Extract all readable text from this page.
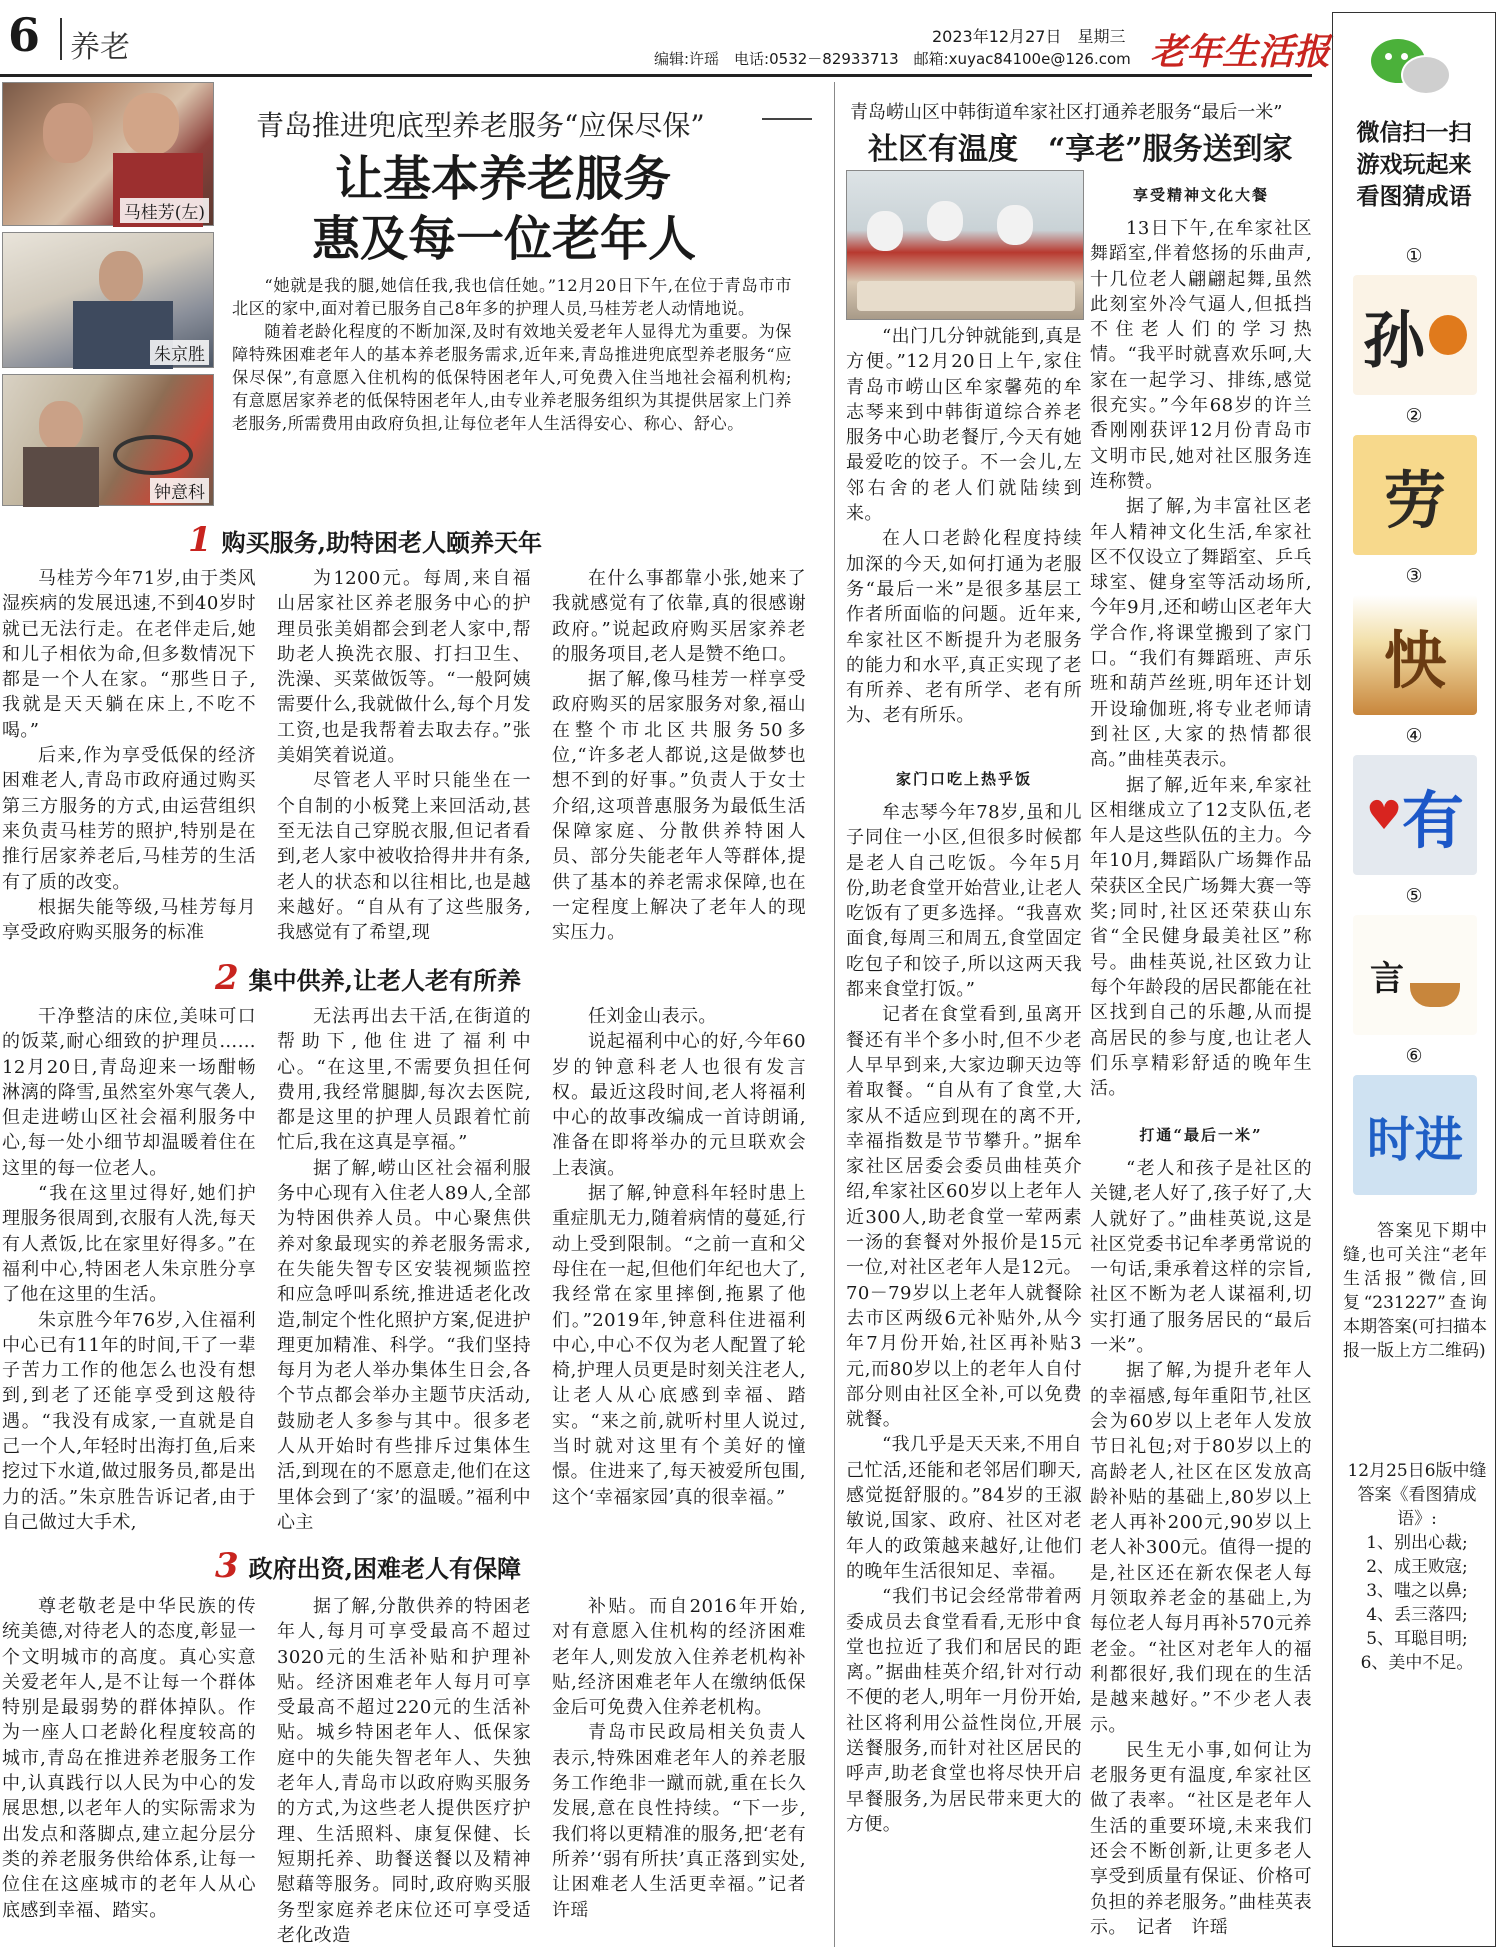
6 养老	2023年12月27日　星期三
编辑:许瑶　电话:0532－82933713　邮箱:xuyac84100e@126.com 老年生活报
马桂芳(左)
朱京胜
钟意科
青岛推进兜底型养老服务“应保尽保”
让基本养老服务
惠及每一位老年人

“她就是我的腿,她信任我,我也信任她。”12月20日下午,在位于青岛市市北区的家中,面对着已服务自己8年多的护理人员,马桂芳老人动情地说。

随着老龄化程度的不断加深,及时有效地关爱老年人显得尤为重要。为保障特殊困难老年人的基本养老服务需求,近年来,青岛推进兜底型养老服务“应保尽保”,有意愿入住机构的低保特困老年人,可免费入住当地社会福利机构;有意愿居家养老的低保特困老年人,由专业养老服务组织为其提供居家上门养老服务,所需费用由政府负担,让每位老年人生活得安心、称心、舒心。

1 购买服务,助特困老人颐养天年

马桂芳今年71岁,由于类风湿疾病的发展迅速,不到40岁时就已无法行走。在老伴走后,她和儿子相依为命,但多数情况下都是一个人在家。“那些日子,我就是天天躺在床上,不吃不喝。”

后来,作为享受低保的经济困难老人,青岛市政府通过购买第三方服务的方式,由运营组织来负责马桂芳的照护,特别是在推行居家养老后,马桂芳的生活有了质的改变。

根据失能等级,马桂芳每月享受政府购买服务的标准

为1200元。每周,来自福山居家社区养老服务中心的护理员张美娟都会到老人家中,帮助老人换洗衣服、打扫卫生、洗澡、买菜做饭等。“一般阿姨需要什么,我就做什么,每个月发工资,也是我帮着去取去存。”张美娟笑着说道。

尽管老人平时只能坐在一个自制的小板凳上来回活动,甚至无法自己穿脱衣服,但记者看到,老人家中被收拾得井井有条,老人的状态和以往相比,也是越来越好。“自从有了这些服务,我感觉有了希望,现

在什么事都靠小张,她来了我就感觉有了依靠,真的很感谢政府。”说起政府购买居家养老的服务项目,老人是赞不绝口。

据了解,像马桂芳一样享受政府购买的居家服务对象,福山在整个市北区共服务50多位,“许多老人都说,这是做梦也想不到的好事。”负责人于女士介绍,这项普惠服务为最低生活保障家庭、分散供养特困人员、部分失能老年人等群体,提供了基本的养老需求保障,也在一定程度上解决了老年人的现实压力。

2 集中供养,让老人老有所养

干净整洁的床位,美味可口的饭菜,耐心细致的护理员……12月20日,青岛迎来一场酣畅淋漓的降雪,虽然室外寒气袭人,但走进崂山区社会福利服务中心,每一处小细节却温暖着住在这里的每一位老人。

“我在这里过得好,她们护理服务很周到,衣服有人洗,每天有人煮饭,比在家里好得多。”在福利中心,特困老人朱京胜分享了他在这里的生活。

朱京胜今年76岁,入住福利中心已有11年的时间,干了一辈子苦力工作的他怎么也没有想到,到老了还能享受到这般待遇。“我没有成家,一直就是自己一个人,年轻时出海打鱼,后来挖过下水道,做过服务员,都是出力的活。”朱京胜告诉记者,由于自己做过大手术,

无法再出去干活,在街道的帮助下,他住进了福利中心。“在这里,不需要负担任何费用,我经常腿脚,每次去医院,都是这里的护理人员跟着忙前忙后,我在这真是享福。”

据了解,崂山区社会福利服务中心现有入住老人89人,全部为特困供养人员。中心聚焦供养对象最现实的养老服务需求,在失能失智专区安装视频监控和应急呼叫系统,推进适老化改造,制定个性化照护方案,促进护理更加精准、科学。“我们坚持每月为老人举办集体生日会,各个节点都会举办主题节庆活动,鼓励老人多参与其中。很多老人从开始时有些排斥过集体生活,到现在的不愿意走,他们在这里体会到了‘家’的温暖。”福利中心主

任刘金山表示。

说起福利中心的好,今年60岁的钟意科老人也很有发言权。最近这段时间,老人将福利中心的故事改编成一首诗朗诵,准备在即将举办的元旦联欢会上表演。

据了解,钟意科年轻时患上重症肌无力,随着病情的蔓延,行动上受到限制。“之前一直和父母住在一起,但他们年纪也大了,我经常在家里摔倒,拖累了他们。”2019年,钟意科住进福利中心,中心不仅为老人配置了轮椅,护理人员更是时刻关注老人,让老人从心底感到幸福、踏实。“来之前,就听村里人说过,当时就对这里有个美好的憧憬。住进来了,每天被爱所包围,这个‘幸福家园’真的很幸福。”

3 政府出资,困难老人有保障

尊老敬老是中华民族的传统美德,对待老人的态度,彰显一个文明城市的高度。真心实意关爱老年人,是不让每一个群体特别是最弱势的群体掉队。作为一座人口老龄化程度较高的城市,青岛在推进养老服务工作中,认真践行以人民为中心的发展思想,以老年人的实际需求为出发点和落脚点,建立起分层分类的养老服务供给体系,让每一位住在这座城市的老年人从心底感到幸福、踏实。

据了解,分散供养的特困老年人,每月可享受最高不超过3020元的生活补贴和护理补贴。经济困难老年人每月可享受最高不超过220元的生活补贴。城乡特困老年人、低保家庭中的失能失智老年人、失独老年人,青岛市以政府购买服务的方式,为这些老人提供医疗护理、生活照料、康复保健、长短期托养、助餐送餐以及精神慰藉等服务。同时,政府购买服务型家庭养老床位还可享受适老化改造

补贴。而自2016年开始,对有意愿入住机构的经济困难老年人,则发放入住养老机构补贴,经济困难老年人在缴纳低保金后可免费入住养老机构。

青岛市民政局相关负责人表示,特殊困难老年人的养老服务工作绝非一蹴而就,重在长久发展,意在良性持续。“下一步,我们将以更精准的服务,把‘老有所养’‘弱有所扶’真正落到实处,让困难老人生活更幸福。”记者　许瑶

青岛崂山区中韩街道牟家社区打通养老服务“最后一米”
社区有温度　“享老”服务送到家

“出门几分钟就能到,真是方便。”12月20日上午,家住青岛市崂山区牟家馨苑的牟志琴来到中韩街道综合养老服务中心助老餐厅,今天有她最爱吃的饺子。不一会儿,左邻右舍的老人们就陆续到来。

在人口老龄化程度持续加深的今天,如何打通为老服务“最后一米”是很多基层工作者所面临的问题。近年来,牟家社区不断提升为老服务的能力和水平,真正实现了老有所养、老有所学、老有所为、老有所乐。

家门口吃上热乎饭

牟志琴今年78岁,虽和儿子同住一小区,但很多时候都是老人自己吃饭。今年5月份,助老食堂开始营业,让老人吃饭有了更多选择。“我喜欢面食,每周三和周五,食堂固定吃包子和饺子,所以这两天我都来食堂打饭。”

记者在食堂看到,虽离开餐还有半个多小时,但不少老人早早到来,大家边聊天边等着取餐。“自从有了食堂,大家从不适应到现在的离不开,幸福指数是节节攀升。”据牟家社区居委会委员曲桂英介绍,牟家社区60岁以上老年人近300人,助老食堂一荤两素一汤的套餐对外报价是15元一位,对社区老年人是12元。70－79岁以上老年人就餐除去市区两级6元补贴外,从今年7月份开始,社区再补贴3元,而80岁以上的老年人自付部分则由社区全补,可以免费就餐。

“我几乎是天天来,不用自己忙活,还能和老邻居们聊天,感觉挺舒服的。”84岁的王淑敏说,国家、政府、社区对老年人的政策越来越好,让他们的晚年生活很知足、幸福。

“我们书记会经常带着两委成员去食堂看看,无形中食堂也拉近了我们和居民的距离。”据曲桂英介绍,针对行动不便的老人,明年一月份开始,社区将利用公益性岗位,开展送餐服务,而针对社区居民的呼声,助老食堂也将尽快开启早餐服务,为居民带来更大的方便。

享受精神文化大餐

13日下午,在牟家社区舞蹈室,伴着悠扬的乐曲声,十几位老人翩翩起舞,虽然此刻室外冷气逼人,但抵挡不住老人们的学习热情。“我平时就喜欢乐呵,大家在一起学习、排练,感觉很充实。”今年68岁的许兰香刚刚获评12月份青岛市文明市民,她对社区服务连连称赞。

据了解,为丰富社区老年人精神文化生活,牟家社区不仅设立了舞蹈室、乒乓球室、健身室等活动场所,今年9月,还和崂山区老年大学合作,将课堂搬到了家门口。“我们有舞蹈班、声乐班和葫芦丝班,明年还计划开设瑜伽班,将专业老师请到社区,大家的热情都很高。”曲桂英表示。

据了解,近年来,牟家社区相继成立了12支队伍,老年人是这些队伍的主力。今年10月,舞蹈队广场舞作品荣获区全民广场舞大赛一等奖;同时,社区还荣获山东省“全民健身最美社区”称号。曲桂英说,社区致力让每个年龄段的居民都能在社区找到自己的乐趣,从而提高居民的参与度,也让老人们乐享精彩舒适的晚年生活。

打通“最后一米”

“老人和孩子是社区的关键,老人好了,孩子好了,大人就好了。”曲桂英说,这是社区党委书记牟孝勇常说的一句话,秉承着这样的宗旨,社区不断为老人谋福利,切实打通了服务居民的“最后一米”。

据了解,为提升老年人的幸福感,每年重阳节,社区会为60岁以上老年人发放节日礼包;对于80岁以上的高龄老人,社区在区发放高龄补贴的基础上,80岁以上老人再补200元,90岁以上老人补300元。值得一提的是,社区还在新农保老人每月领取养老金的基础上,为每位老人每月再补570元养老金。“社区对老年人的福利都很好,我们现在的生活是越来越好。”不少老人表示。

民生无小事,如何让为老服务更有温度,牟家社区做了表率。“社区是老年人生活的重要环境,未来我们还会不断创新,让更多老人享受到质量有保证、价格可负担的养老服务。”曲桂英表示。　记者　许瑶

微信扫一扫
游戏玩起来
看图猜成语
①
孙
②
劳
③
怏
④
♥ 有
⑤
言
⑥
时进

答案见下期中缝,也可关注“老年生活报”微信,回复“231227”查询本期答案(可扫描本报一版上方二维码)

12月25日6版中缝答案《看图猜成语》:
1、别出心裁;
2、成王败寇;
3、嗤之以鼻;
4、丢三落四;
5、耳聪目明;
6、美中不足。
